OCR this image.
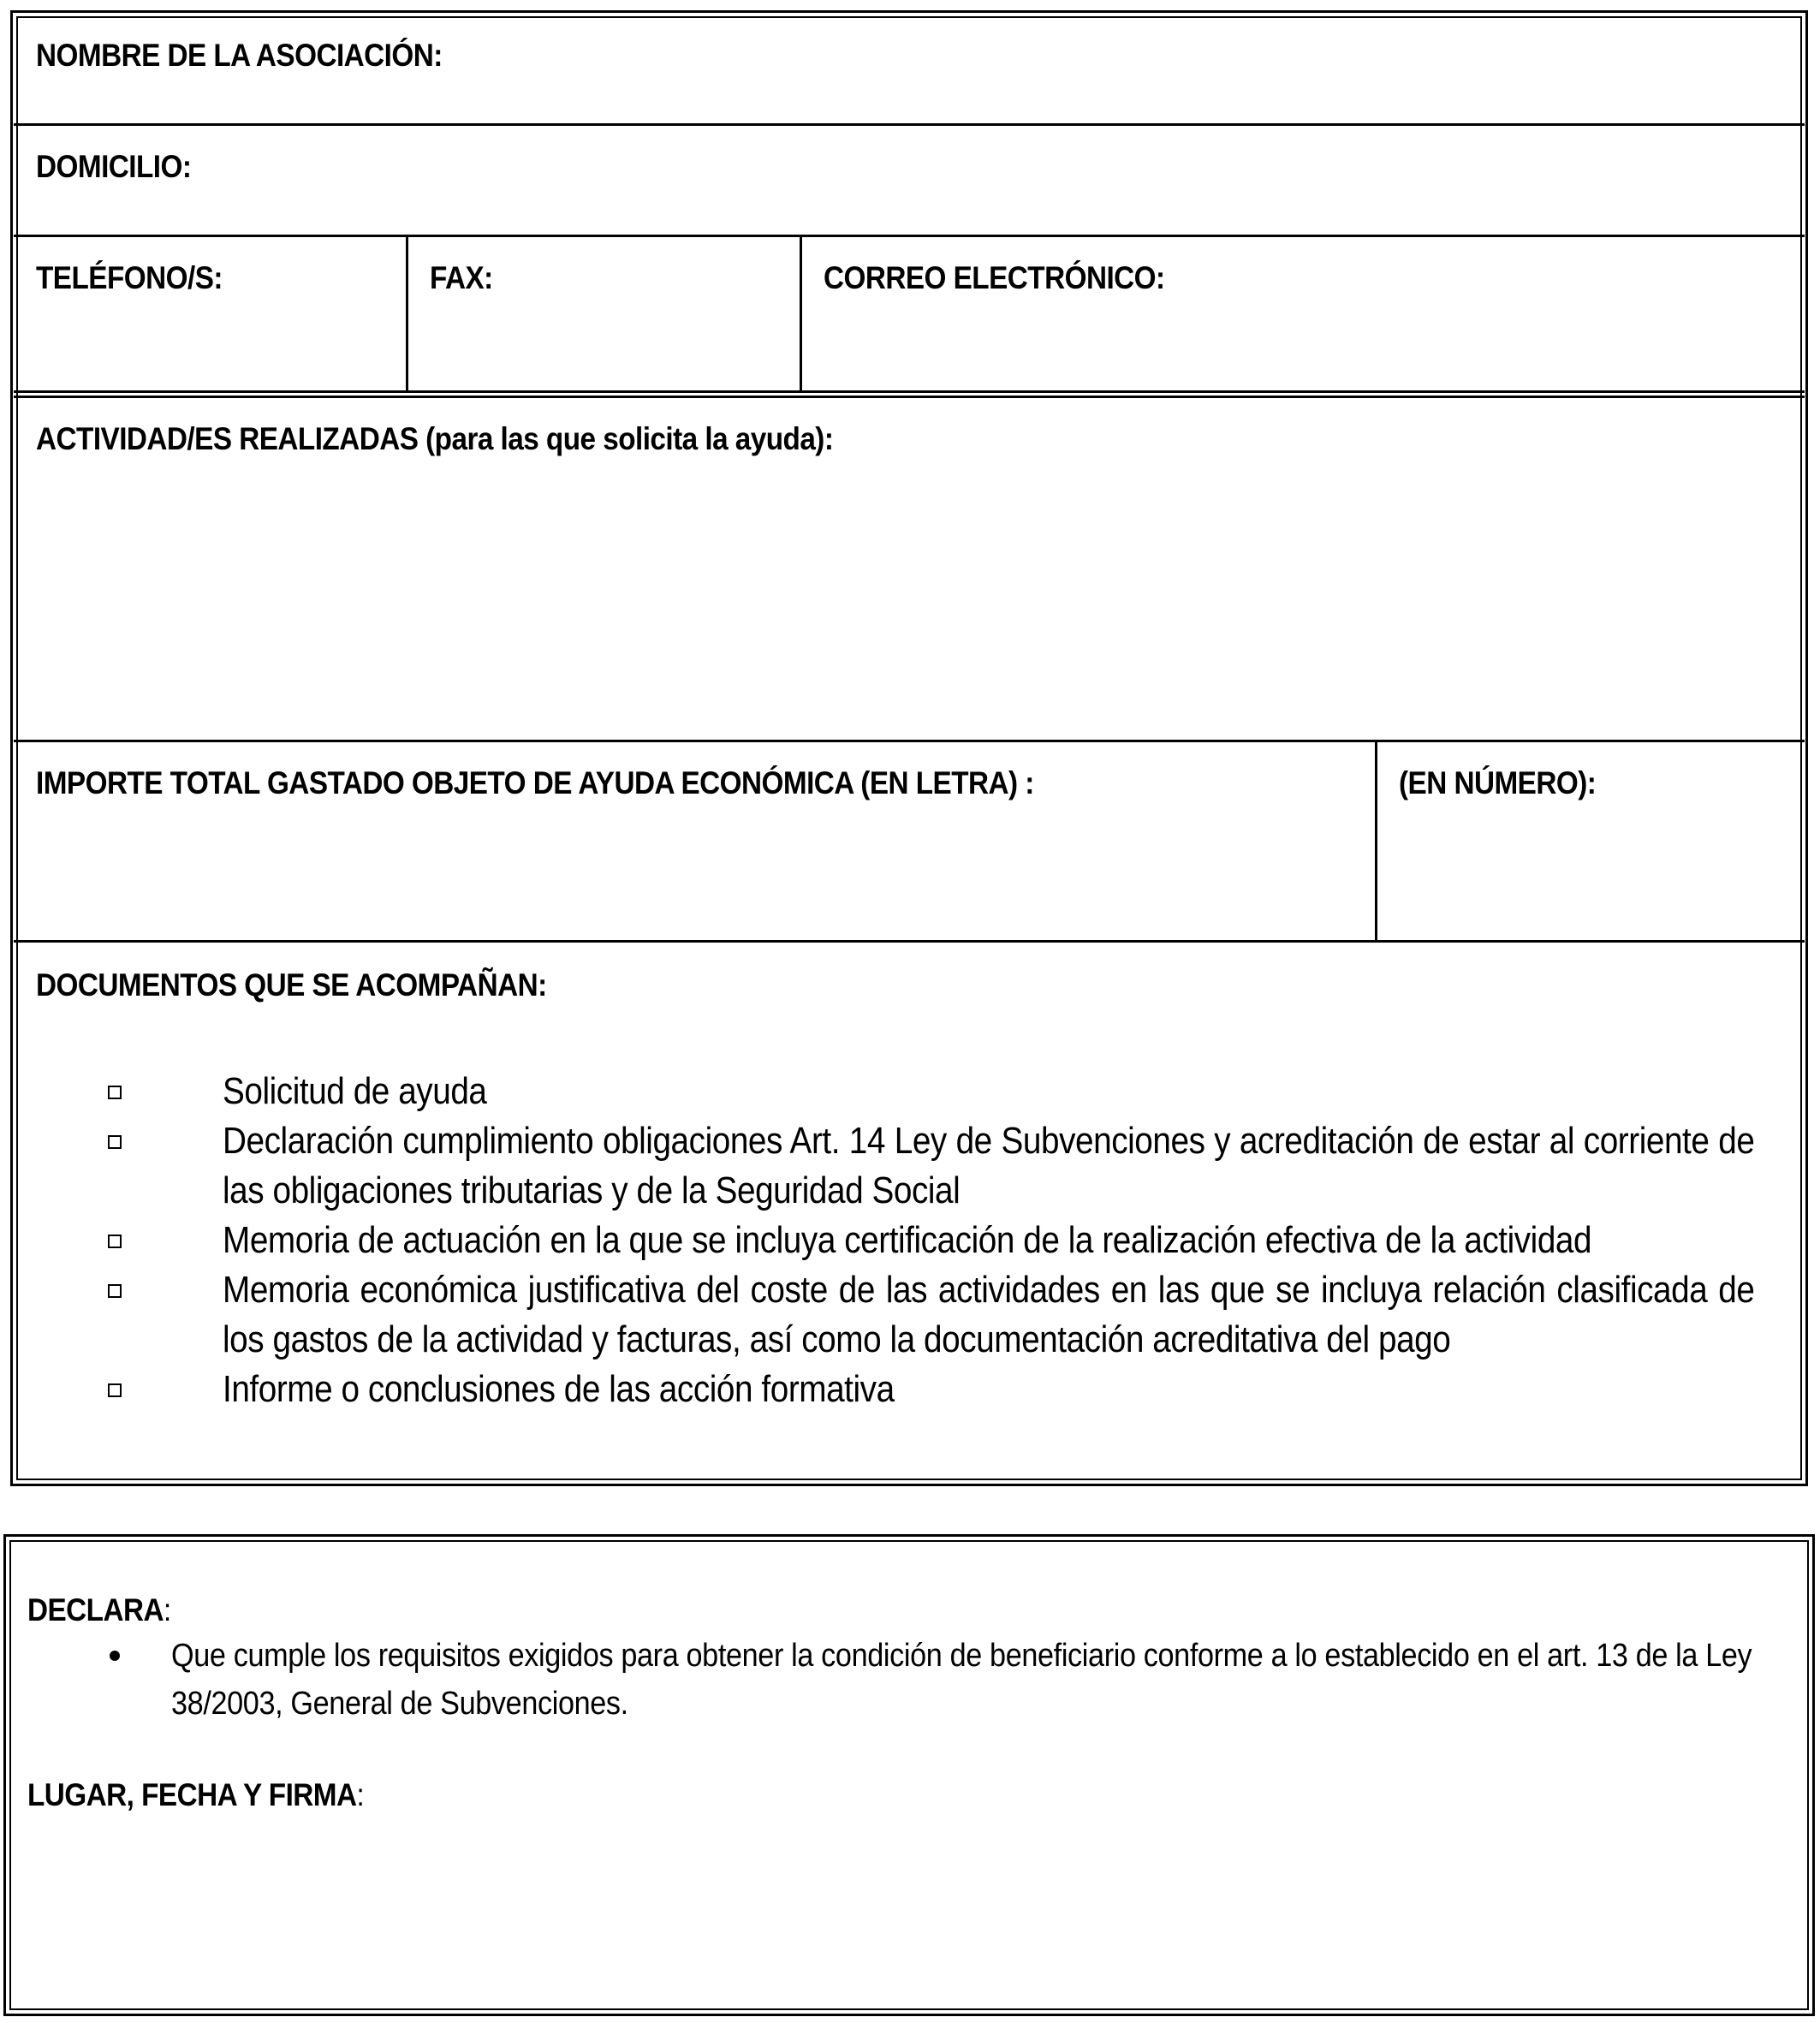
NOMBRE DE LA ASOCIACIÓN:
DOMICILIO:
TELÉFONO/S:	FAX:	CORREO ELECTRÓNICO:
ACTIVIDAD/ES REALIZADAS (para las que solicita la ayuda):
IMPORTE TOTAL GASTADO OBJETO DE AYUDA ECONÓMICA (EN LETRA) :	(EN NÚMERO):
DOCUMENTOS QUE SE ACOMPAÑAN:
Solicitud de ayuda
Declaración cumplimiento obligaciones Art. 14 Ley de Subvenciones y acreditación de estar al corriente de las obligaciones tributarias y de la Seguridad Social
Memoria de actuación en la que se incluya certificación de la realización efectiva de la actividad
Memoria económica justificativa del coste de las actividades en las que se incluya relación clasificada de los gastos de la actividad y facturas, así como la documentación acreditativa del pago
Informe o conclusiones de las acción formativa
DECLARA:
Que cumple los requisitos exigidos para obtener la condición de beneficiario conforme a lo establecido en el art. 13 de la Ley 38/2003, General de Subvenciones.
LUGAR, FECHA Y FIRMA:
